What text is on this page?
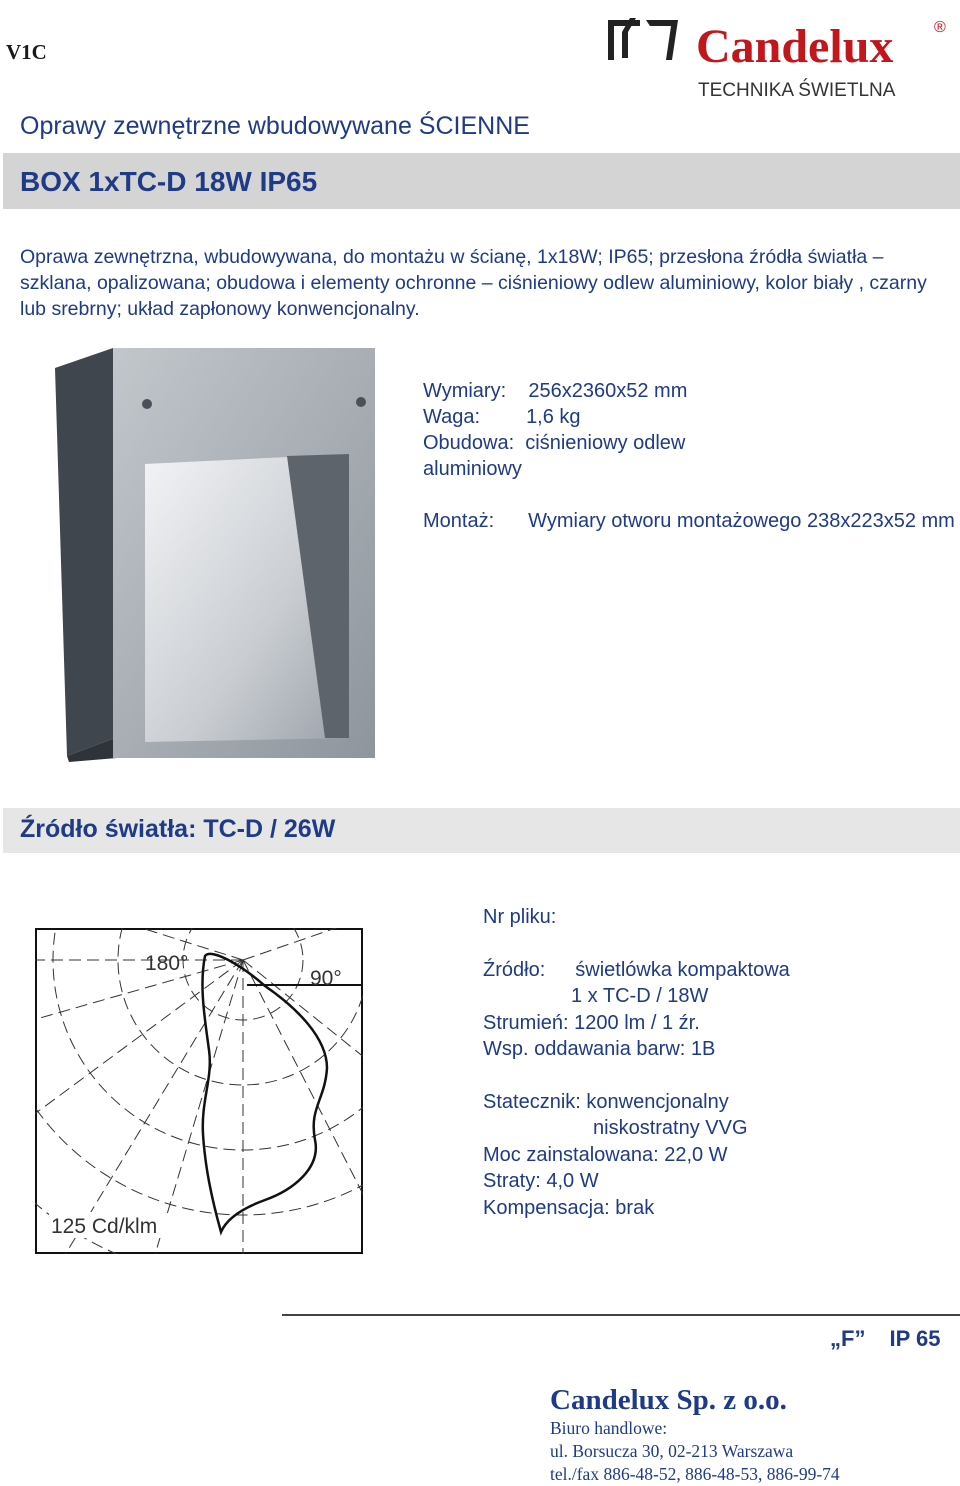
V1C	Candelux	®
TECHNIKA ŚWIETLNA
Oprawy zewnętrzne wbudowywane ŚCIENNE
BOX 1xTC-D 18W IP65
Oprawa zewnętrzna, wbudowywana, do montażu w ścianę, 1x18W; IP65; przesłona źródła światła – szklana, opalizowana; obudowa i elementy ochronne – ciśnieniowy odlew aluminiowy, kolor biały , czarny lub srebrny; układ zapłonowy konwencjonalny.
Wymiary: 256x2360x52 mm
Waga: 1,6 kg
Obudowa: ciśnieniowy odlew
aluminiowy
Montaż: Wymiary otworu montażowego 238x223x52 mm
Źródło światła: TC-D / 26W
180°
90°
125 Cd/klm
Nr pliku:
Źródło: świetlówka kompaktowa
1 x TC-D / 18W
Strumień: 1200 lm / 1 źr.
Wsp. oddawania barw: 1B
Statecznik: konwencjonalny
niskostratny VVG
Moc zainstalowana: 22,0 W
Straty: 4,0 W
Kompensacja: brak
„F” IP 65
Candelux Sp. z o.o.
Biuro handlowe:
ul. Borsucza 30, 02-213 Warszawa
tel./fax 886-48-52, 886-48-53, 886-99-74
